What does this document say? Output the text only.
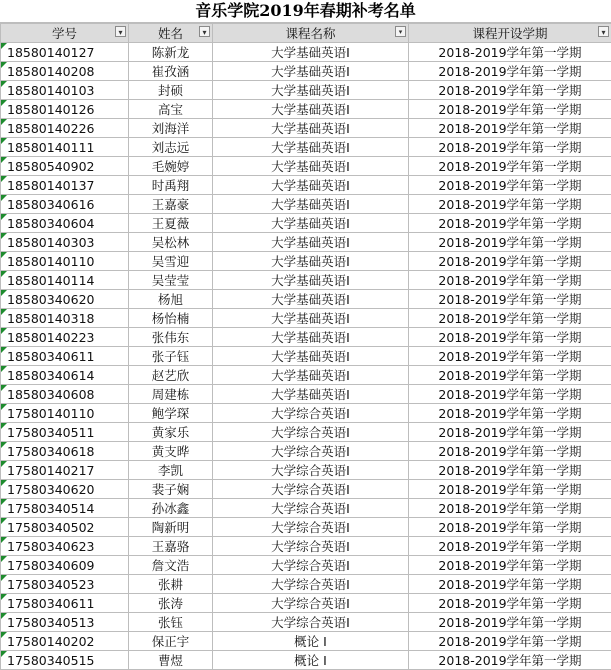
音乐学院2019年春期补考名单
学号 ▾	姓名 ▾	课程名称 ▾	课程开设学期 ▾

18580140127	陈新龙	大学基础英语Ⅰ	2018-2019学年第一学期
18580140208	崔孜涵	大学基础英语Ⅰ	2018-2019学年第一学期
18580140103	封硕	大学基础英语Ⅰ	2018-2019学年第一学期
18580140126	高宝	大学基础英语Ⅰ	2018-2019学年第一学期
18580140226	刘海洋	大学基础英语Ⅰ	2018-2019学年第一学期
18580140111	刘志远	大学基础英语Ⅰ	2018-2019学年第一学期
18580540902	毛婉婷	大学基础英语Ⅰ	2018-2019学年第一学期
18580140137	时禹翔	大学基础英语Ⅰ	2018-2019学年第一学期
18580340616	王嘉豪	大学基础英语Ⅰ	2018-2019学年第一学期
18580340604	王夏薇	大学基础英语Ⅰ	2018-2019学年第一学期
18580140303	吴松林	大学基础英语Ⅰ	2018-2019学年第一学期
18580140110	吴雪迎	大学基础英语Ⅰ	2018-2019学年第一学期
18580140114	吴莹莹	大学基础英语Ⅰ	2018-2019学年第一学期
18580340620	杨旭	大学基础英语Ⅰ	2018-2019学年第一学期
18580140318	杨怡楠	大学基础英语Ⅰ	2018-2019学年第一学期
18580140223	张伟东	大学基础英语Ⅰ	2018-2019学年第一学期
18580340611	张子钰	大学基础英语Ⅰ	2018-2019学年第一学期
18580340614	赵艺欣	大学基础英语Ⅰ	2018-2019学年第一学期
18580340608	周建栋	大学基础英语Ⅰ	2018-2019学年第一学期
17580140110	鲍学琛	大学综合英语Ⅰ	2018-2019学年第一学期
17580340511	黄家乐	大学综合英语Ⅰ	2018-2019学年第一学期
17580340618	黄支晔	大学综合英语Ⅰ	2018-2019学年第一学期
17580140217	李凯	大学综合英语Ⅰ	2018-2019学年第一学期
17580340620	裴子娴	大学综合英语Ⅰ	2018-2019学年第一学期
17580340514	孙冰鑫	大学综合英语Ⅰ	2018-2019学年第一学期
17580340502	陶新明	大学综合英语Ⅰ	2018-2019学年第一学期
17580340623	王嘉骆	大学综合英语Ⅰ	2018-2019学年第一学期
17580340609	詹文浩	大学综合英语Ⅰ	2018-2019学年第一学期
17580340523	张耕	大学综合英语Ⅰ	2018-2019学年第一学期
17580340611	张涛	大学综合英语Ⅰ	2018-2019学年第一学期
17580340513	张钰	大学综合英语Ⅰ	2018-2019学年第一学期
17580140202	保正宇	概论 Ⅰ	2018-2019学年第一学期
17580340515	曹煜	概论 Ⅰ	2018-2019学年第一学期
